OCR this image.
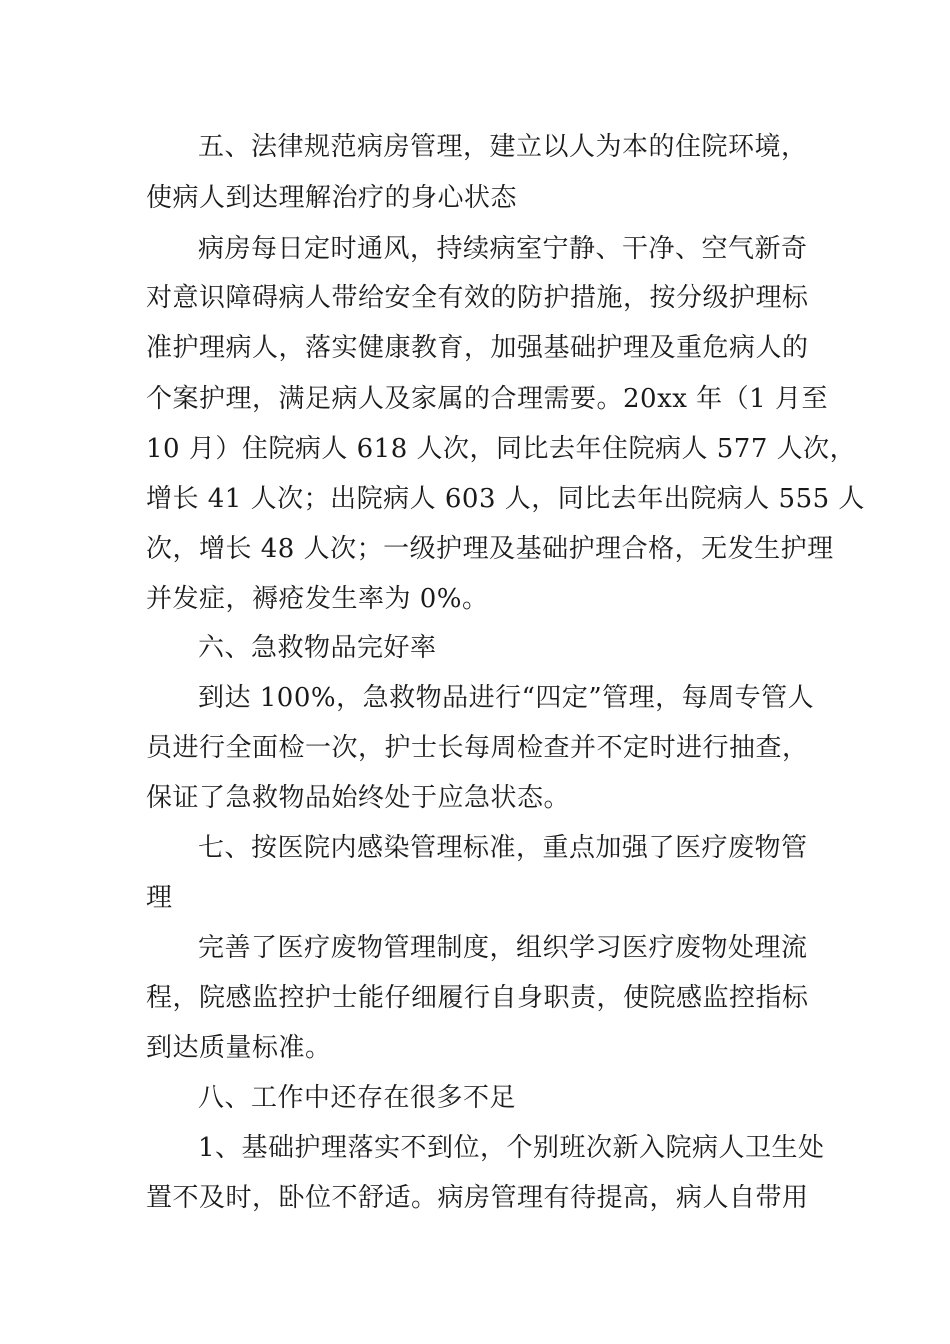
五、法律规范病房管理，建立以人为本的住院环境，
使病人到达理解治疗的身心状态
病房每日定时通风，持续病室宁静、干净、空气新奇
对意识障碍病人带给安全有效的防护措施，按分级护理标
准护理病人，落实健康教育，加强基础护理及重危病人的
个案护理，满足病人及家属的合理需要。20xx 年（1 月至
10 月）住院病人 618 人次，同比去年住院病人 577 人次，
增长 41 人次；出院病人 603 人，同比去年出院病人 555 人
次，增长 48 人次；一级护理及基础护理合格，无发生护理
并发症，褥疮发生率为 0%。
六、急救物品完好率
到达 100%，急救物品进行“四定”管理，每周专管人
员进行全面检一次，护士长每周检查并不定时进行抽查，
保证了急救物品始终处于应急状态。
七、按医院内感染管理标准，重点加强了医疗废物管
理
完善了医疗废物管理制度，组织学习医疗废物处理流
程，院感监控护士能仔细履行自身职责，使院感监控指标
到达质量标准。
八、工作中还存在很多不足
1、基础护理落实不到位，个别班次新入院病人卫生处
置不及时，卧位不舒适。病房管理有待提高，病人自带用
